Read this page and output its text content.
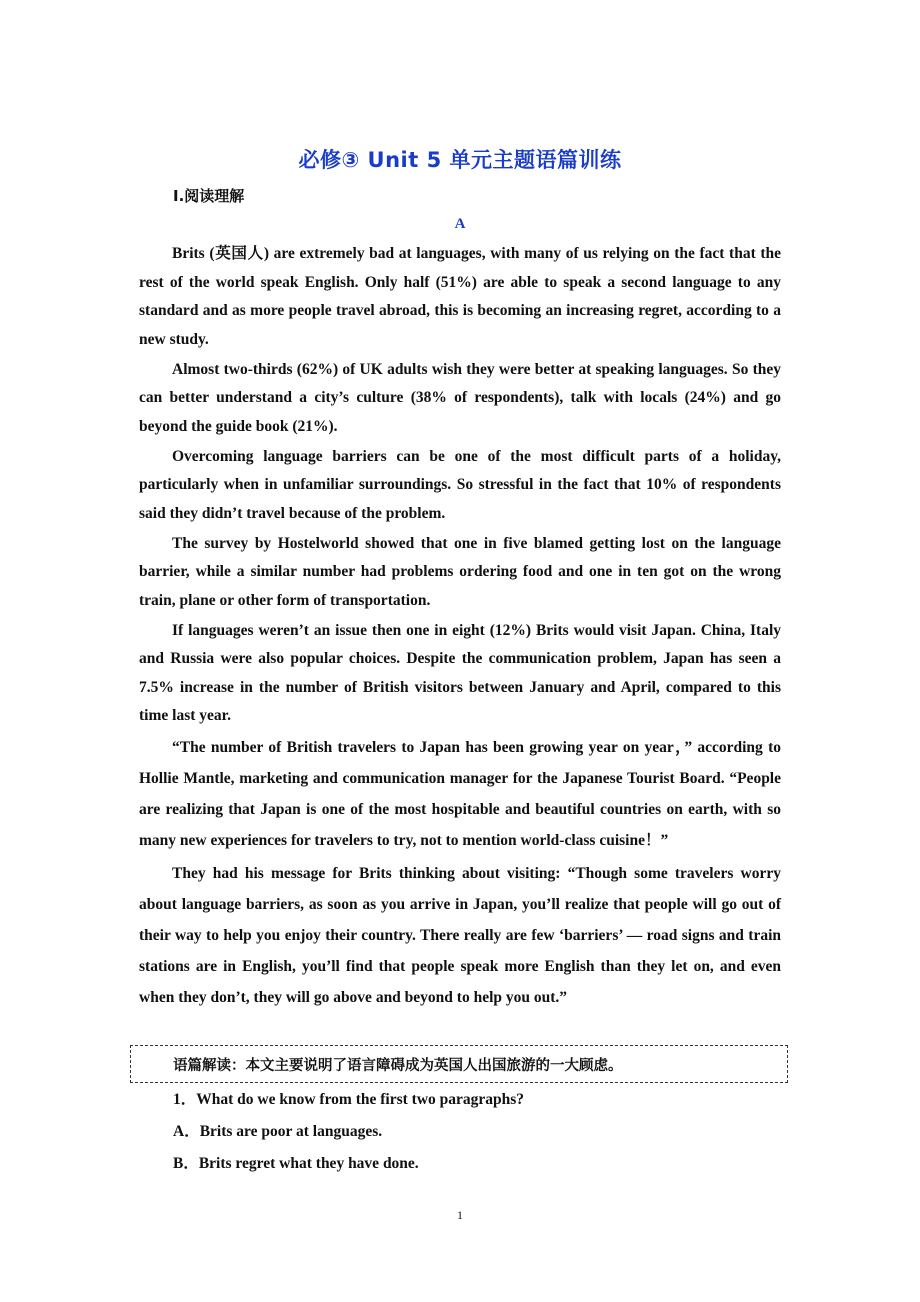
必修③ Unit 5 单元主题语篇训练
Ⅰ.阅读理解
A

Brits (英国人) are extremely bad at languages, with many of us relying on the fact that the rest of the world speak English. Only half (51%) are able to speak a second language to any standard and as more people travel abroad, this is becoming an increasing regret, according to a new study.

Almost two-thirds (62%) of UK adults wish they were better at speaking languages. So they can better understand a city’s culture (38% of respondents), talk with locals (24%) and go beyond the guide book (21%).

Overcoming language barriers can be one of the most difficult parts of a holiday, particularly when in unfamiliar surroundings. So stressful in the fact that 10% of respondents said they didn’t travel because of the problem.

The survey by Hostelworld showed that one in five blamed getting lost on the language barrier, while a similar number had problems ordering food and one in ten got on the wrong train, plane or other form of transportation.

If languages weren’t an issue then one in eight (12%) Brits would visit Japan. China, Italy and Russia were also popular choices. Despite the communication problem, Japan has seen a 7.5% increase in the number of British visitors between January and April, compared to this time last year.

“The number of British travelers to Japan has been growing year on year，” according to Hollie Mantle, marketing and communication manager for the Japanese Tourist Board. “People are realizing that Japan is one of the most hospitable and beautiful countries on earth, with so many new experiences for travelers to try, not to mention world-class cuisine！”

They had his message for Brits thinking about visiting: “Though some travelers worry about language barriers, as soon as you arrive in Japan, you’ll realize that people will go out of their way to help you enjoy their country. There really are few ‘barriers’ — road signs and train stations are in English, you’ll find that people speak more English than they let on, and even when they don’t, they will go above and beyond to help you out.”

语篇解读：本文主要说明了语言障碍成为英国人出国旅游的一大顾虑。
1．What do we know from the first two paragraphs?
A．Brits are poor at languages.
B．Brits regret what they have done.
1
